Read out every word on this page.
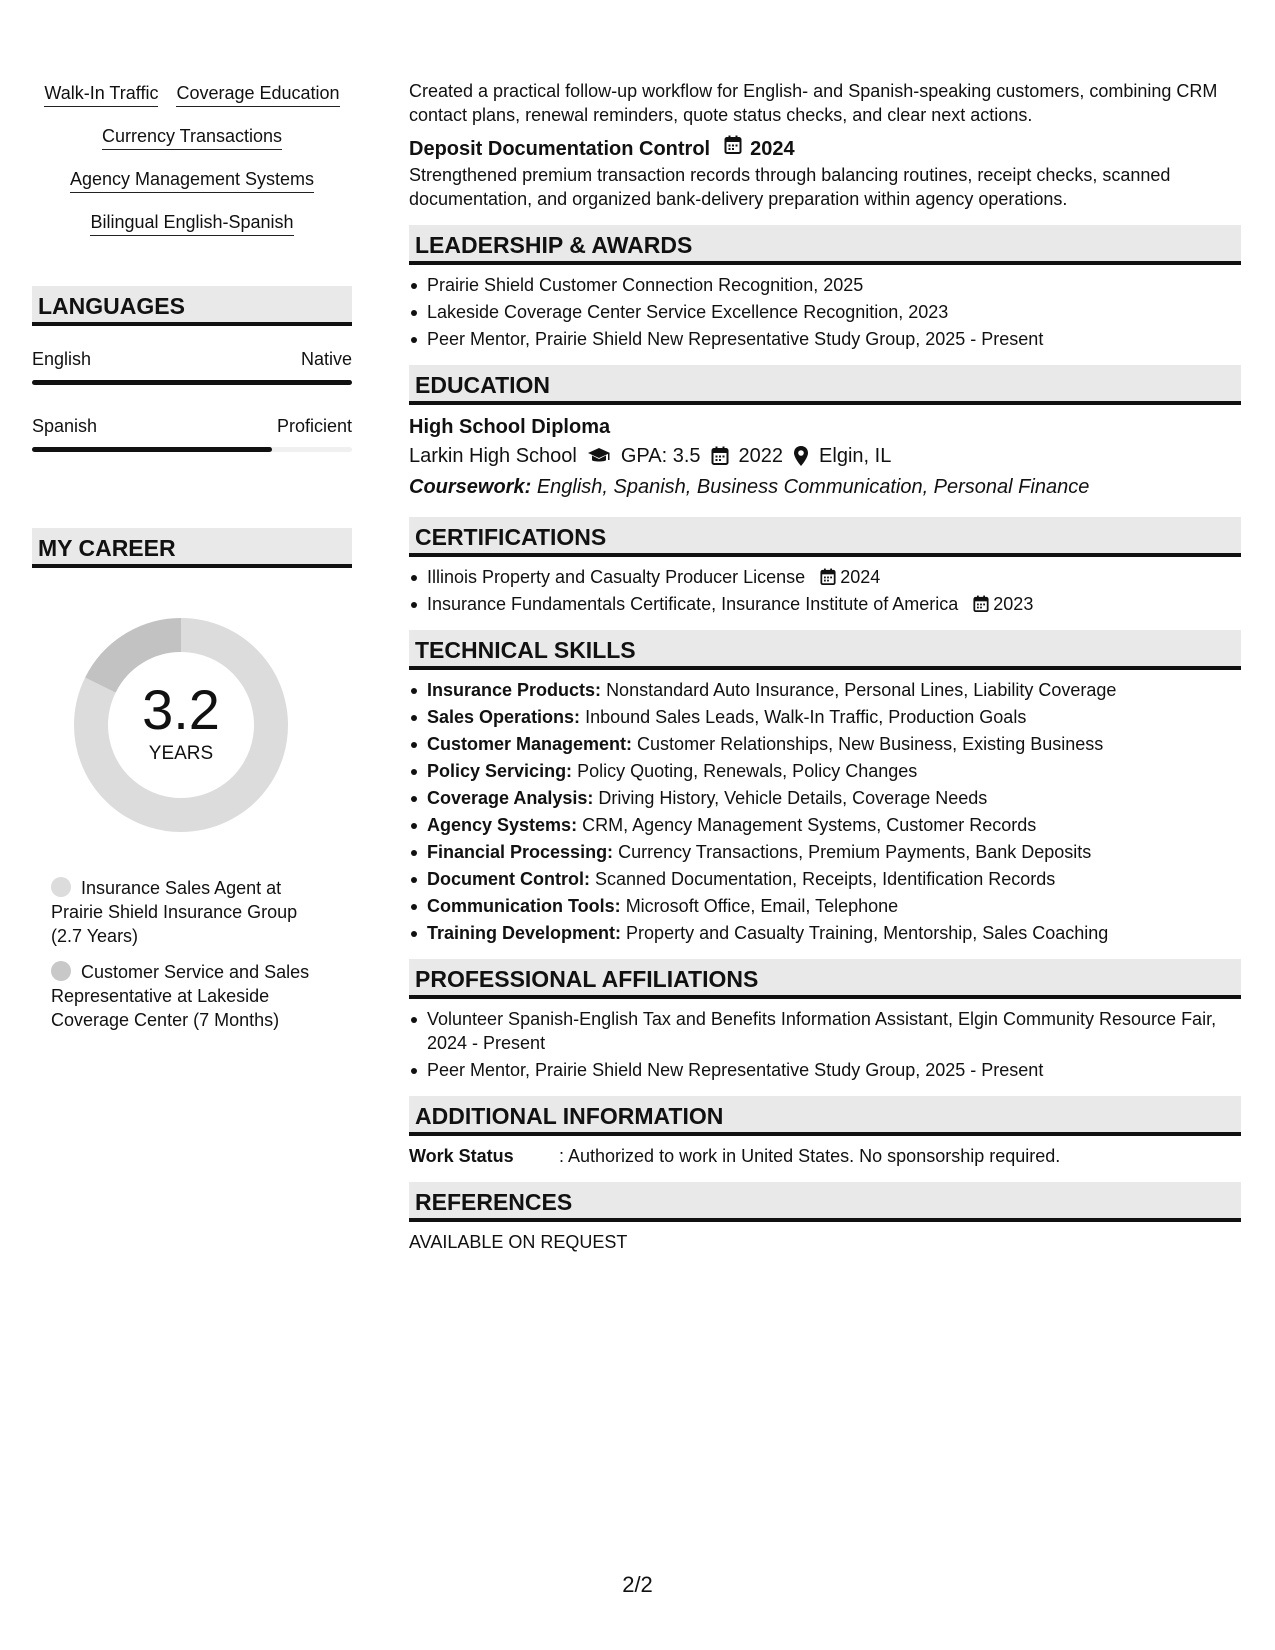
Walk-In Traffic Coverage Education
Currency Transactions
Agency Management Systems
Bilingual English-Spanish
LANGUAGES
English	Native
Spanish	Proficient
MY CAREER
3.2
YEARS
Insurance Sales Agent at Prairie Shield Insurance Group (2.7 Years)
Customer Service and Sales Representative at Lakeside Coverage Center (7 Months)

Created a practical follow-up workflow for English- and Spanish-speaking customers, combining CRM contact plans, renewal reminders, quote status checks, and clear next actions.

Deposit Documentation Control 2024

Strengthened premium transaction records through balancing routines, receipt checks, scanned documentation, and organized bank-delivery preparation within agency operations.

LEADERSHIP & AWARDS
Prairie Shield Customer Connection Recognition, 2025
Lakeside Coverage Center Service Excellence Recognition, 2023
Peer Mentor, Prairie Shield New Representative Study Group, 2025 - Present
EDUCATION
High School Diploma
Larkin High School GPA: 3.5 2022 Elgin, IL
Coursework: English, Spanish, Business Communication, Personal Finance
CERTIFICATIONS
Illinois Property and Casualty Producer License 2024
Insurance Fundamentals Certificate, Insurance Institute of America 2023
TECHNICAL SKILLS
Insurance Products: Nonstandard Auto Insurance, Personal Lines, Liability Coverage
Sales Operations: Inbound Sales Leads, Walk-In Traffic, Production Goals
Customer Management: Customer Relationships, New Business, Existing Business
Policy Servicing: Policy Quoting, Renewals, Policy Changes
Coverage Analysis: Driving History, Vehicle Details, Coverage Needs
Agency Systems: CRM, Agency Management Systems, Customer Records
Financial Processing: Currency Transactions, Premium Payments, Bank Deposits
Document Control: Scanned Documentation, Receipts, Identification Records
Communication Tools: Microsoft Office, Email, Telephone
Training Development: Property and Casualty Training, Mentorship, Sales Coaching
PROFESSIONAL AFFILIATIONS
Volunteer Spanish-English Tax and Benefits Information Assistant, Elgin Community Resource Fair, 2024 - Present
Peer Mentor, Prairie Shield New Representative Study Group, 2025 - Present
ADDITIONAL INFORMATION
Work Status	: Authorized to work in United States. No sponsorship required.
REFERENCES

AVAILABLE ON REQUEST

2/2
